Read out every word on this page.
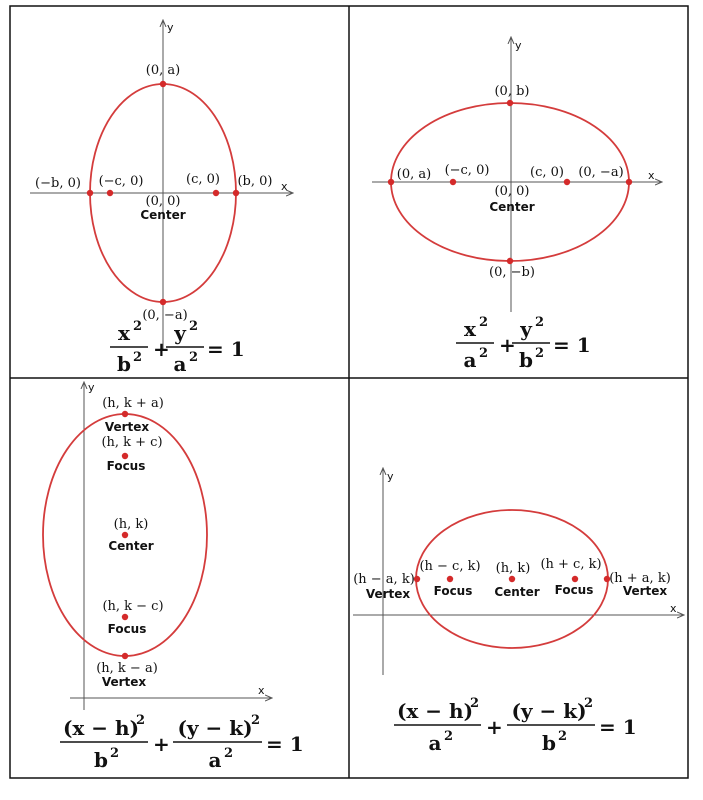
x
y
(0, a)
(0, −a)
(−b, 0) (−c, 0)	(c, 0) (b, 0)
(0, 0)
Center
x 2
b 2 +
y 2
a 2 = 1
x
y
(0, b)
(0, −b)
(0, a) (−c, 0)	(c, 0) (0, −a)
(0, 0)
Center
x 2
a 2 +
y 2
b 2 = 1
x
y
(h, k + a)
Vertex
(h, k + c)
Focus
(h, k)
Center
(h, k − c)
Focus
(h, k − a)
Vertex
(x − h)
2
b 2 +
(y − k)
2
a 2 = 1
x
y
(h − a, k)
Vertex
(h − c, k)
Focus
(h, k)
Center
(h + c, k)
Focus
(h + a, k)
Vertex
(x − h)
2
a 2 +
(y − k)
2
b 2 = 1
